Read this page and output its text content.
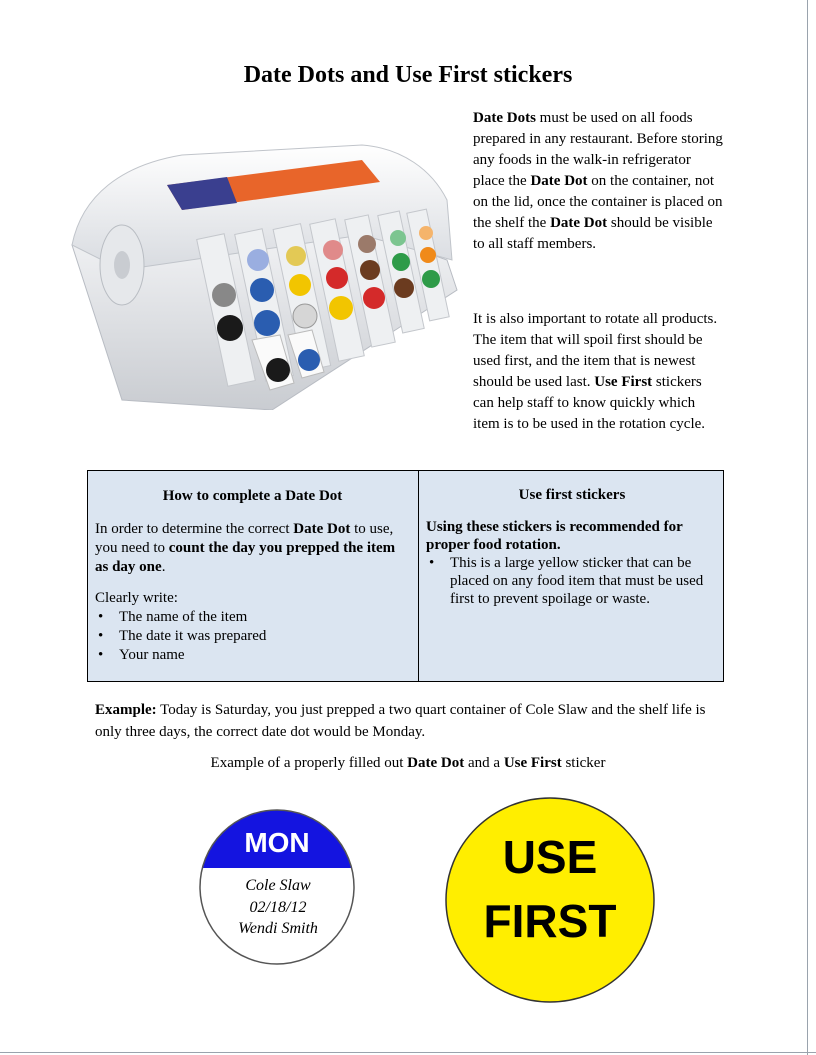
Date Dots and Use First stickers

Date Dots must be used on all foods prepared in any restaurant. Before storing any foods in the walk-in refrigerator place the Date Dot on the container, not on the lid, once the container is placed on the shelf the Date Dot should be visible to all staff members.

It is also important to rotate all products. The item that will spoil first should be used first, and the item that is newest should be used last. Use First stickers can help staff to know quickly which item is to be used in the rotation cycle.

How to complete a Date Dot

In order to determine the correct Date Dot to use, you need to count the day you prepped the item as day one.

Clearly write:

• The name of the item
• The date it was prepared
• Your name

Use first stickers

Using these stickers is recommended for proper food rotation.

• This is a large yellow sticker that can be placed on any food item that must be used first to prevent spoilage or waste.

Example: Today is Saturday, you just prepped a two quart container of Cole Slaw and the shelf life is only three days, the correct date dot would be Monday.

Example of a properly filled out Date Dot and a Use First sticker

MON
Cole Slaw
02/18/12
Wendi Smith
USE
FIRST
